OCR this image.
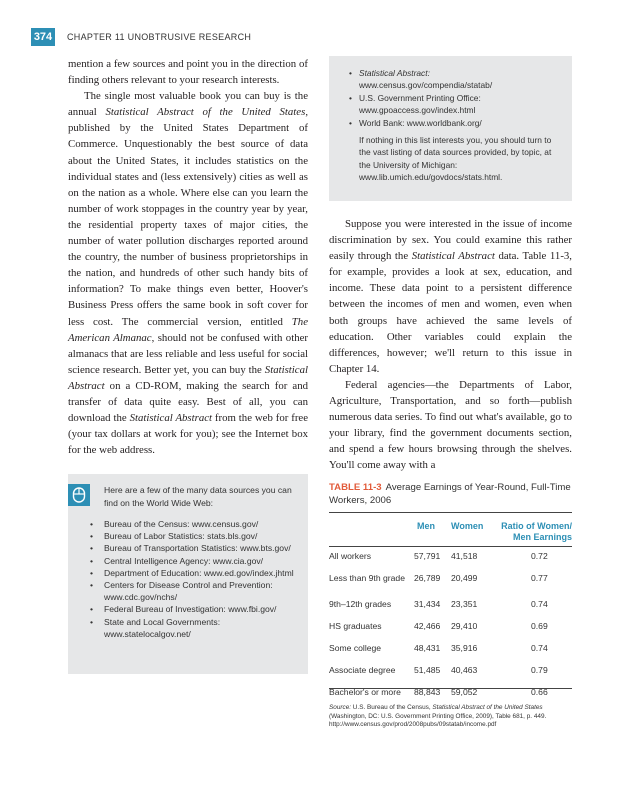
374	CHAPTER 11 UNOBTRUSIVE RESEARCH

mention a few sources and point you in the direction of finding others relevant to your research interests.

The single most valuable book you can buy is the annual Statistical Abstract of the United States, published by the United States Department of Commerce. Unquestionably the best source of data about the United States, it includes statistics on the individual states and (less extensively) cities as well as on the nation as a whole. Where else can you learn the number of work stoppages in the country year by year, the residential property taxes of major cities, the number of water pollution discharges reported around the country, the number of business proprietorships in the nation, and hundreds of other such handy bits of information? To make things even better, Hoover's Business Press offers the same book in soft cover for less cost. The commercial version, entitled The American Almanac, should not be confused with other almanacs that are less reliable and less useful for social science research. Better yet, you can buy the Statistical Abstract on a CD-ROM, making the search for and transfer of data quite easy. Best of all, you can download the Statistical Abstract from the web for free (your tax dollars at work for you); see the Internet box for the web address.

• Statistical Abstract:
www.census.gov/compendia/statab/
• U.S. Government Printing Office:
www.gpoaccess.gov/index.html
• World Bank: www.worldbank.org/
If nothing in this list interests you, you should turn to the vast listing of data sources provided, by topic, at the University of Michigan: www.lib.umich.edu/govdocs/stats.html.

Suppose you were interested in the issue of income discrimination by sex. You could examine this rather easily through the Statistical Abstract data. Table 11-3, for example, provides a look at sex, education, and income. These data point to a persistent difference between the incomes of men and women, even when both groups have achieved the same levels of education. Other variables could explain the differences, however; we'll return to this issue in Chapter 14.

Federal agencies—the Departments of Labor, Agriculture, Transportation, and so forth—publish numerous data series. To find out what's available, go to your library, find the government documents section, and spend a few hours browsing through the shelves. You'll come away with a

Here are a few of the many data sources you can find on the World Wide Web:
• Bureau of the Census: www.census.gov/
• Bureau of Labor Statistics: stats.bls.gov/
• Bureau of Transportation Statistics: www.bts.gov/
• Central Intelligence Agency: www.cia.gov/
• Department of Education: www.ed.gov/index.jhtml
• Centers for Disease Control and Prevention: www.cdc.gov/nchs/
• Federal Bureau of Investigation: www.fbi.gov/
• State and Local Governments: www.statelocalgov.net/
TABLE 11-3 Average Earnings of Year-Round, Full-Time Workers, 2006
Men Women	Ratio of Women/ Men Earnings
All workers	57,791 41,518	0.72
Less than 9th grade	26,789 20,499	0.77
9th–12th grades	31,434 23,351	0.74
HS graduates	42,466 29,410	0.69
Some college	48,431 35,916	0.74
Associate degree	51,485 40,463	0.79
Bachelor's or more	88,843 59,052	0.66
Source: U.S. Bureau of the Census, Statistical Abstract of the United States (Washington, DC: U.S. Government Printing Office, 2009), Table 681, p. 449. http://www.census.gov/prod/2008pubs/09statab/income.pdf
